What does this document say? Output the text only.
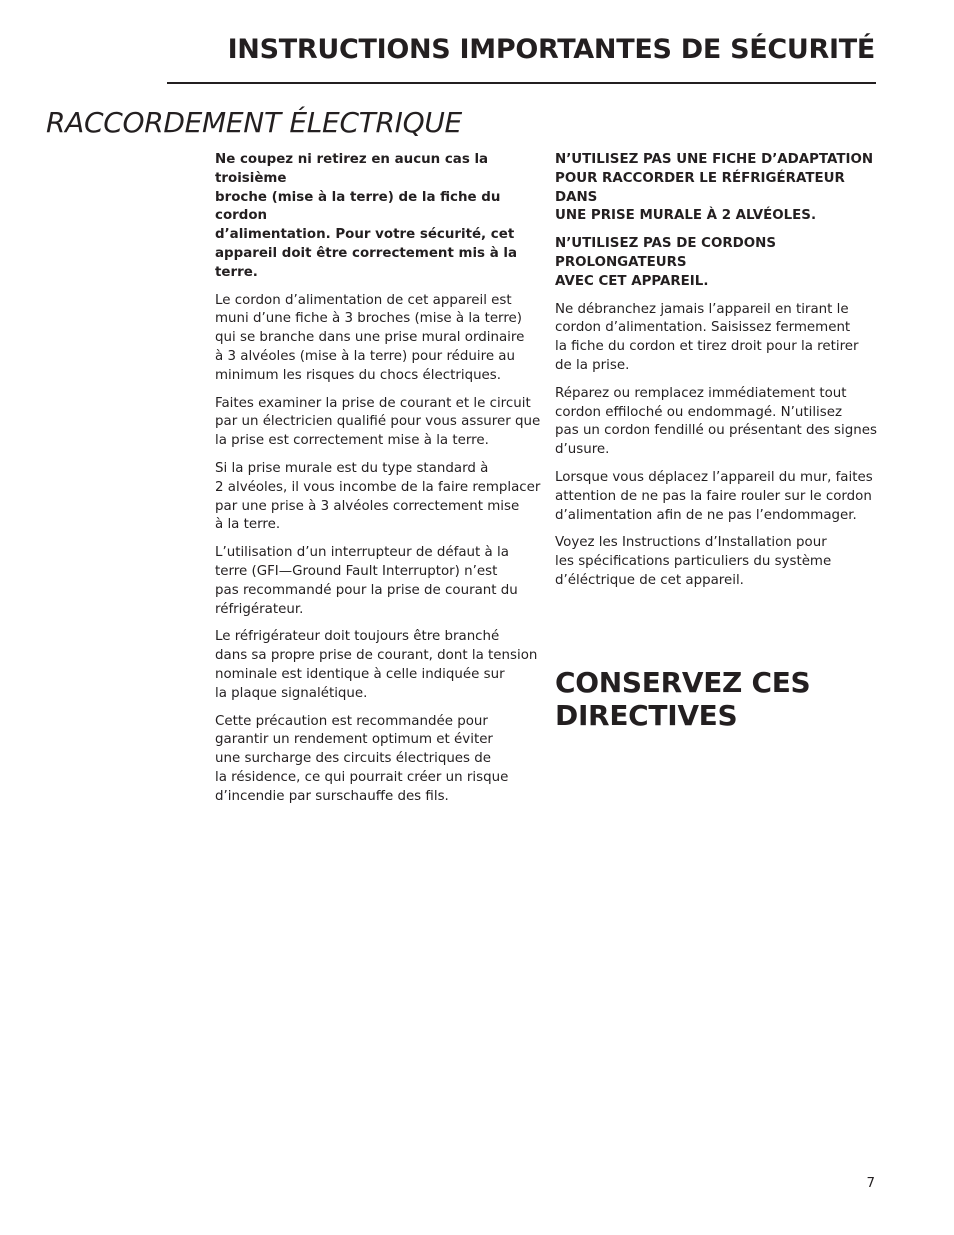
INSTRUCTIONS IMPORTANTES DE SÉCURITÉ
RACCORDEMENT ÉLECTRIQUE

Ne coupez ni retirez en aucun cas la troisième
broche (mise à la terre) de la fiche du cordon
d’alimentation. Pour votre sécurité, cet
appareil doit être correctement mis à la terre.

Le cordon d’alimentation de cet appareil est
muni d’une fiche à 3 broches (mise à la terre)
qui se branche dans une prise mural ordinaire
à 3 alvéoles (mise à la terre) pour réduire au
minimum les risques du chocs électriques.

Faites examiner la prise de courant et le circuit
par un électricien qualifié pour vous assurer que
la prise est correctement mise à la terre.

Si la prise murale est du type standard à
2 alvéoles, il vous incombe de la faire remplacer
par une prise à 3 alvéoles correctement mise
à la terre.

L’utilisation d’un interrupteur de défaut à la
terre (GFI—Ground Fault Interruptor) n’est
pas recommandé pour la prise de courant du
réfrigérateur.

Le réfrigérateur doit toujours être branché
dans sa propre prise de courant, dont la tension
nominale est identique à celle indiquée sur
la plaque signalétique.

Cette précaution est recommandée pour
garantir un rendement optimum et éviter
une surcharge des circuits électriques de
la résidence, ce qui pourrait créer un risque
d’incendie par surschauffe des fils.

N’UTILISEZ PAS UNE FICHE D’ADAPTATION
POUR RACCORDER LE RÉFRIGÉRATEUR DANS
UNE PRISE MURALE À 2 ALVÉOLES.

N’UTILISEZ PAS DE CORDONS PROLONGATEURS
AVEC CET APPAREIL.

Ne débranchez jamais l’appareil en tirant le
cordon d’alimentation. Saisissez fermement
la fiche du cordon et tirez droit pour la retirer
de la prise.

Réparez ou remplacez immédiatement tout
cordon effiloché ou endommagé. N’utilisez
pas un cordon fendillé ou présentant des signes
d’usure.

Lorsque vous déplacez l’appareil du mur, faites
attention de ne pas la faire rouler sur le cordon
d’alimentation afin de ne pas l’endommager.

Voyez les Instructions d’Installation pour
les spécifications particuliers du système
d’éléctrique de cet appareil.

CONSERVEZ CES
DIRECTIVES
7
